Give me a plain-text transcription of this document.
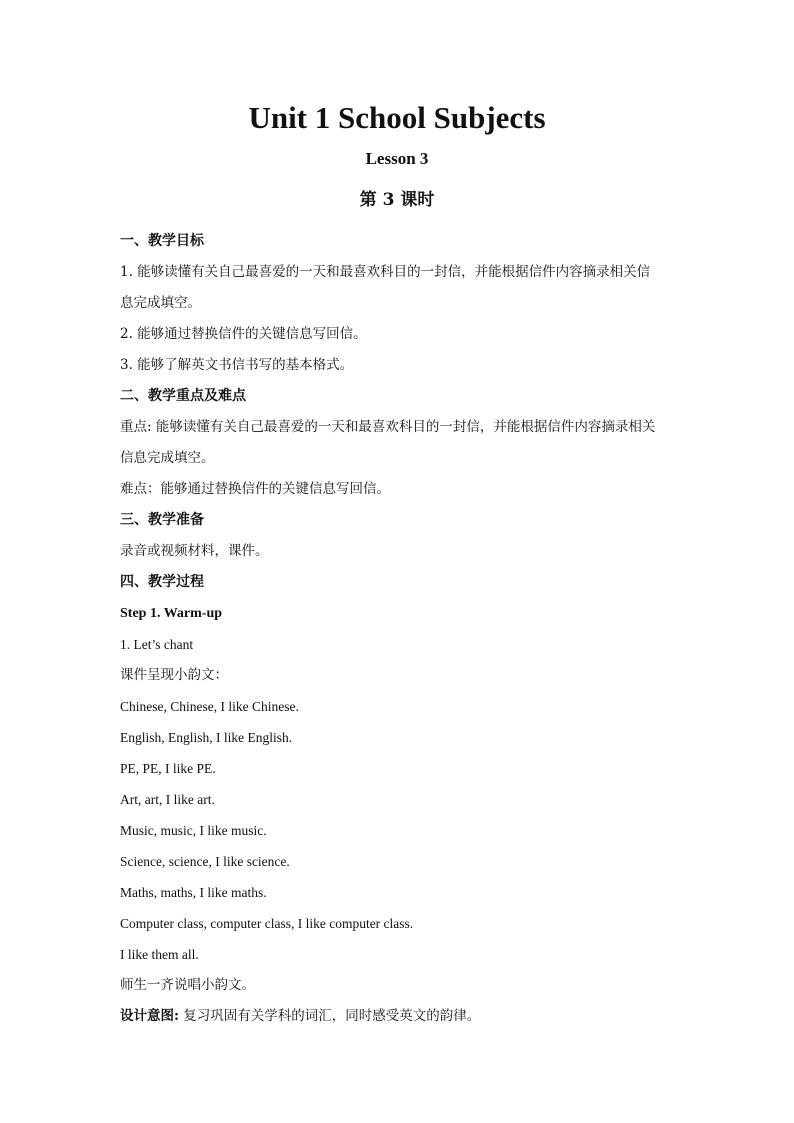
Unit 1 School Subjects
Lesson 3
第 3 课时

一、教学目标

1. 能够读懂有关自己最喜爱的一天和最喜欢科目的一封信，并能根据信件内容摘录相关信

息完成填空。

2. 能够通过替换信件的关键信息写回信。

3. 能够了解英文书信书写的基本格式。

二、教学重点及难点

重点: 能够读懂有关自己最喜爱的一天和最喜欢科目的一封信，并能根据信件内容摘录相关

信息完成填空。

难点：能够通过替换信件的关键信息写回信。

三、教学准备

录音或视频材料，课件。

四、教学过程

Step 1. Warm-up

1. Let’s chant

课件呈现小韵文：

Chinese, Chinese, I like Chinese.

English, English, I like English.

PE, PE, I like PE.

Art, art, I like art.

Music, music, I like music.

Science, science, I like science.

Maths, maths, I like maths.

Computer class, computer class, I like computer class.

I like them all.

师生一齐说唱小韵文。

设计意图: 复习巩固有关学科的词汇，同时感受英文的韵律。
